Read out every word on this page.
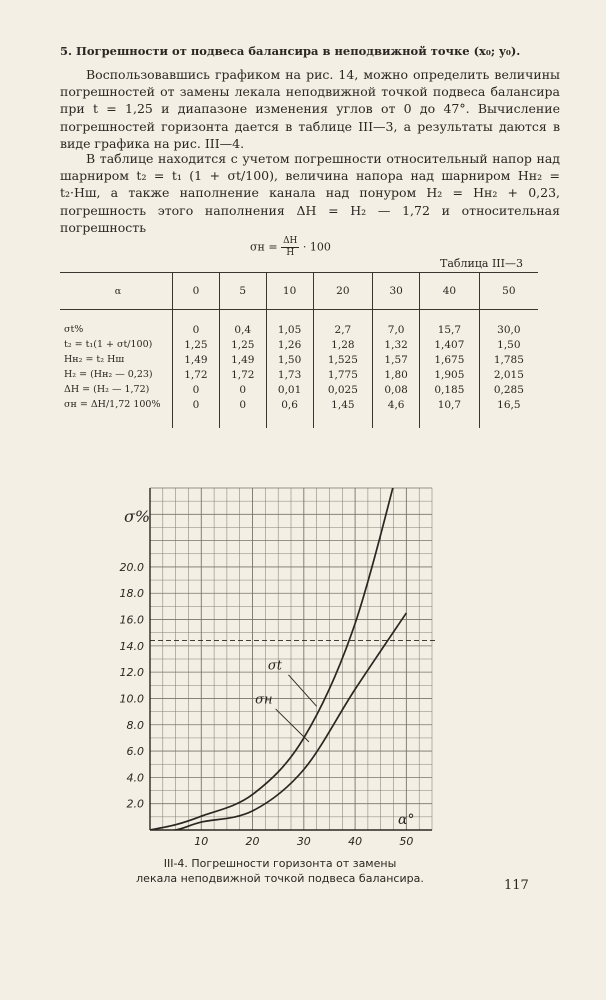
5. Погрешности от подвеса балансира в неподвижной точке (x₀; y₀).

Воспользовавшись графиком на рис. 14, можно определить величины погрешностей от замены лекала неподвижной точкой подвеса балансира при t = 1,25 и диапазоне изменения углов от 0 до 47°. Вычисление погрешностей горизонта дается в таблице III—3, а результаты даются в виде графика на рис. III—4.

В таблице находится с учетом погрешности относительный напор над шарниром t₂ = t₁ (1 + σt/100), величина напора над шарниром Hн₂ = t₂·Hш, а также наполнение канала над понуром H₂ = Hн₂ + 0,23, погрешность этого наполнения ΔH = H₂ — 1,72 и относительная погрешность

$\sigma н = \frac{\Delta H}{H} \cdot 100$
Таблица III—3
α	0	5	10	20	30	40	50
σt%	0	0,4	1,05	2,7	7,0	15,7	30,0
t₂ = t₁(1 + σt/100)	1,25	1,25	1,26	1,28	1,32	1,407	1,50
Hн₂ = t₂ Hш	1,49	1,49	1,50	1,525	1,57	1,675	1,785
H₂ = (Hн₂ — 0,23)	1,72	1,72	1,73	1,775	1,80	1,905	2,015
ΔH = (H₂ — 1,72)	0	0	0,01	0,025	0,08	0,185	0,285
σн = ΔH/1,72 100%	0	0	0,6	1,45	4,6	10,7	16,5
2.0
4.0
6.0
8.0
10.0
12.0
14.0
16.0
18.0
20.0
10	20	30	40	50
σ%
α°
σt
σн
III-4. Погрешности горизонта от замены
лекала неподвижной точкой подвеса балансира.	117
